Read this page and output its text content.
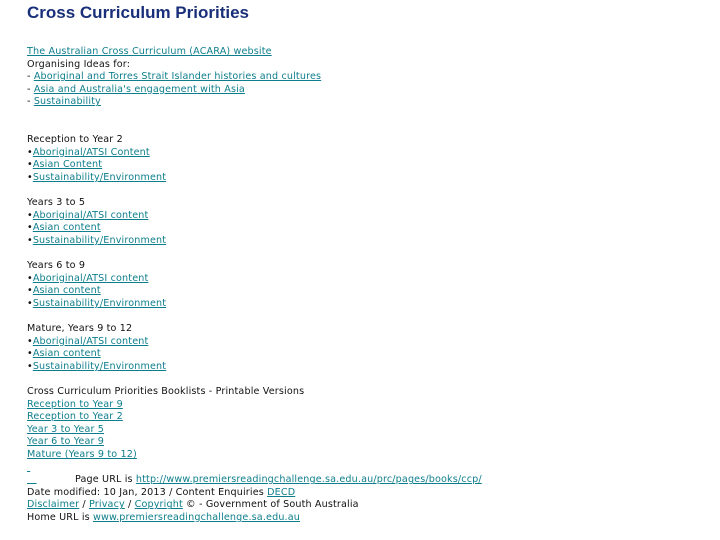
Cross Curriculum Priorities
The Australian Cross Curriculum (ACARA) website
Organising Ideas for:
- Aboriginal and Torres Strait Islander histories and cultures
- Asia and Australia's engagement with Asia
- Sustainability
Reception to Year 2
•Aboriginal/ATSI Content
•Asian Content
•Sustainability/Environment
Years 3 to 5
•Aboriginal/ATSI content
•Asian content
•Sustainability/Environment
Years 6 to 9
•Aboriginal/ATSI content
•Asian content
•Sustainability/Environment
Mature, Years 9 to 12
•Aboriginal/ATSI content
•Asian content
•Sustainability/Environment
Cross Curriculum Priorities Booklists - Printable Versions
Reception to Year 9
Reception to Year 2
Year 3 to Year 5
Year 6 to Year 9
Mature (Years 9 to 12)

Page URL is http://www.premiersreadingchallenge.sa.edu.au/prc/pages/books/ccp/
Date modified: 10 Jan, 2013 / Content Enquiries DECD
Disclaimer / Privacy / Copyright © - Government of South Australia
Home URL is www.premiersreadingchallenge.sa.edu.au
